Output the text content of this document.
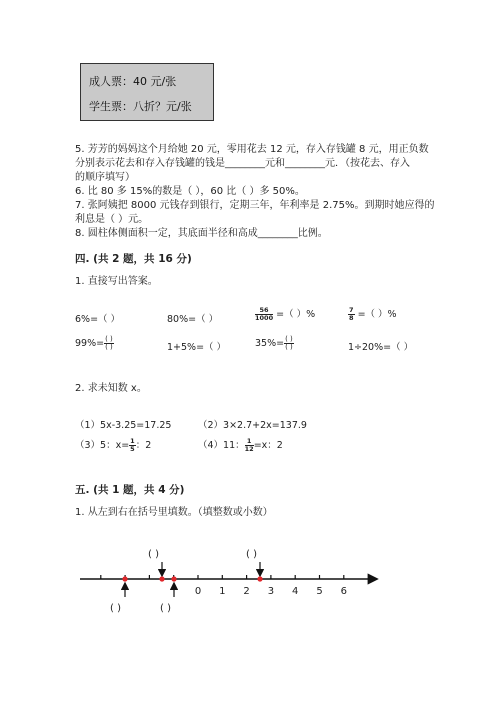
成人票：40 元/张
学生票：八折？元/张
5. 芳芳的妈妈这个月给她 20 元，零用花去 12 元，存入存钱罐 8 元，用正负数
分别表示花去和存入存钱罐的钱是________元和________元．（按花去、存入
的顺序填写）
6. 比 80 多 15%的数是（ ），60 比（ ）多 50%。
7. 张阿姨把 8000 元钱存到银行，定期三年，年利率是 2.75%。到期时她应得的
利息是（ ）元。
8. 圆柱体侧面积一定，其底面半径和高成________比例。
四. (共 2 题，共 16 分)
1. 直接写出答案。
6%=（ ）	80%=（ ）	$\frac{56}{1000}$ =（ ）%	$\frac{7}{8}$ =（ ）%
$99\%= \frac{( )}{( )}$	1+5%=（ ）	$35\%= \frac{( )}{( )}$	1÷20%=（ ）
2. 求未知数 x。
（1）5x-3.25=17.25	（2）3×2.7+2x=137.9
（3）5：$x= \frac{1}{5}$ ：2	（4）11： $\frac{1}{12} =x$：2
五. (共 1 题，共 4 分)
1. 从左到右在括号里填数。（填整数或小数）
0 1 2 3 4 5 6
( )	( )
( )	( )
